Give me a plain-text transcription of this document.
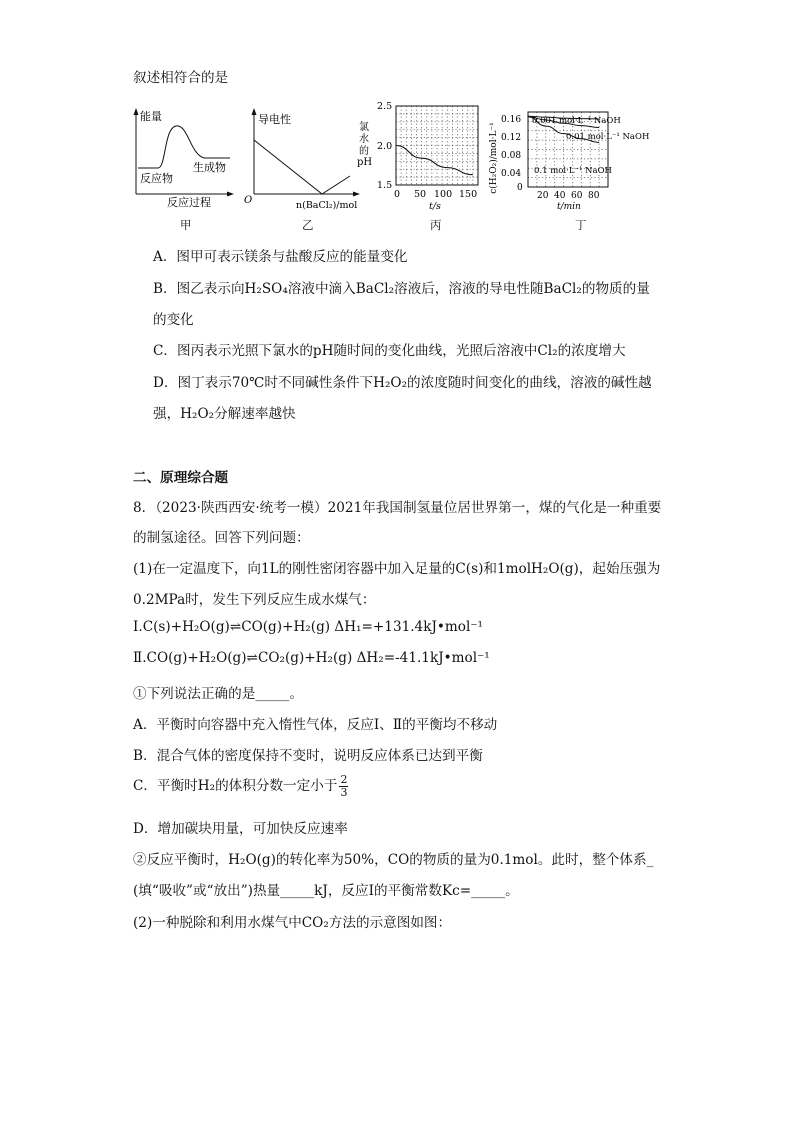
叙述相符合的是
能量
反应物
生成物
反应过程
甲
导电性
O	n(BaCl₂)/mol
乙
氯
水
的
pH
2.5
2.0
1.5
0 50 100 150
t/s
丙
c(H₂O₂)/mol·L⁻¹
0.16
0.12
0.08
0.04
0
20 40 60 80
t/min
0.001 mol·L⁻¹ NaOH
0.01 mol·L⁻¹ NaOH
0.1 mol·L⁻¹ NaOH
丁
A．图甲可表示镁条与盐酸反应的能量变化
B．图乙表示向H₂SO₄溶液中滴入BaCl₂溶液后，溶液的导电性随BaCl₂的物质的量
的变化
C．图丙表示光照下氯水的pH随时间的变化曲线，光照后溶液中Cl₂的浓度增大
D．图丁表示70℃时不同碱性条件下H₂O₂的浓度随时间变化的曲线，溶液的碱性越
强，H₂O₂分解速率越快
二、原理综合题
8．（2023·陕西西安·统考一模）2021年我国制氢量位居世界第一，煤的气化是一种重要
的制氢途径。回答下列问题：
(1)在一定温度下，向1L的刚性密闭容器中加入足量的C(s)和1molH₂O(g)，起始压强为
0.2MPa时，发生下列反应生成水煤气：
I.C(s)+H₂O(g)⇌CO(g)+H₂(g) ΔH₁=+131.4kJ•mol⁻¹
Ⅱ.CO(g)+H₂O(g)⇌CO₂(g)+H₂(g) ΔH₂=-41.1kJ•mol⁻¹
①下列说法正确的是_____。
A．平衡时向容器中充入惰性气体，反应I、Ⅱ的平衡均不移动
B．混合气体的密度保持不变时，说明反应体系已达到平衡
C．平衡时H₂的体积分数一定小于 $\frac{2}{3}$
D．增加碳块用量，可加快反应速率
②反应平衡时，H₂O(g)的转化率为50%，CO的物质的量为0.1mol。此时，整个体系_
(填“吸收”或“放出”)热量_____kJ，反应I的平衡常数Kc=_____。
(2)一种脱除和利用水煤气中CO₂方法的示意图如图：
